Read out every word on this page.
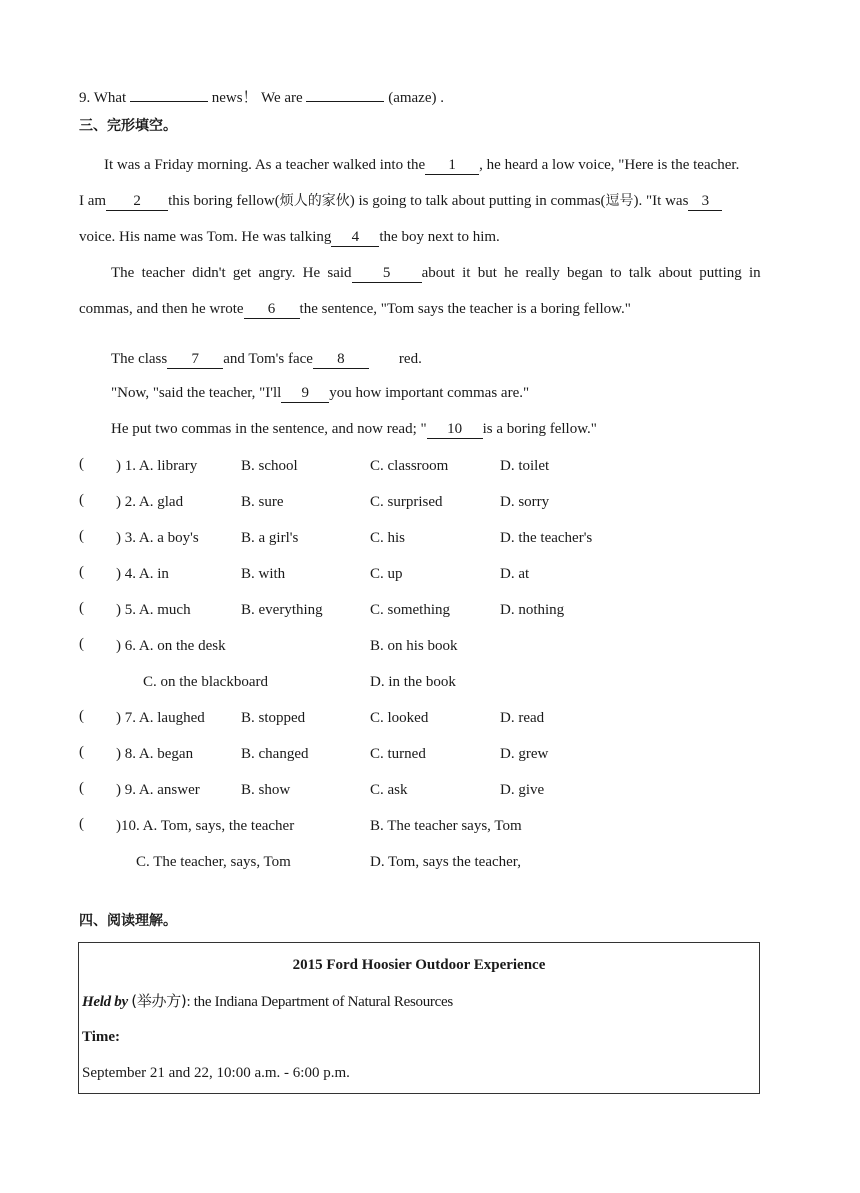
9. What	news！ We are	(amaze) .
三、完形填空。
It was a Friday morning. As a teacher walked into the 1 , he heard a low voice, "Here is the teacher.
I am 2 this boring fellow(烦人的家伙) is going to talk about putting in commas(逗号). "It was 3
voice. His name was Tom. He was talking 4 the boy next to him.
The teacher didn't get angry. He said 5 about it but he really began to talk about putting in
commas, and then he wrote 6 the sentence, "Tom says the teacher is a boring fellow."
The class 7 and Tom's face 8	red.
"Now, "said the teacher, "I'll 9 you how important commas are."
He put two commas in the sentence, and now read; " 10 is a boring fellow."
( ) 1. A. library	B. school	C. classroom	D. toilet
( ) 2. A. glad	B. sure	C. surprised	D. sorry
( ) 3. A. a boy's	B. a girl's	C. his	D. the teacher's
( ) 4. A. in	B. with	C. up	D. at
( ) 5. A. much	B. everything	C. something	D. nothing
( ) 6. A. on the desk	B. on his book
C. on the blackboard	D. in the book
( ) 7. A. laughed B. stopped	C. looked	D. read
( ) 8. A. began	B. changed	C. turned	D. grew
( ) 9. A. answer	B. show	C. ask	D. give
( )10. A. Tom, says, the teacher	B. The teacher says, Tom
C. The teacher, says, Tom	D. Tom, says the teacher,
四、阅读理解。
2015 Ford Hoosier Outdoor Experience
Held by (举办方): the Indiana Department of Natural Resources
Time:
September 21 and 22, 10:00 a.m. - 6:00 p.m.
